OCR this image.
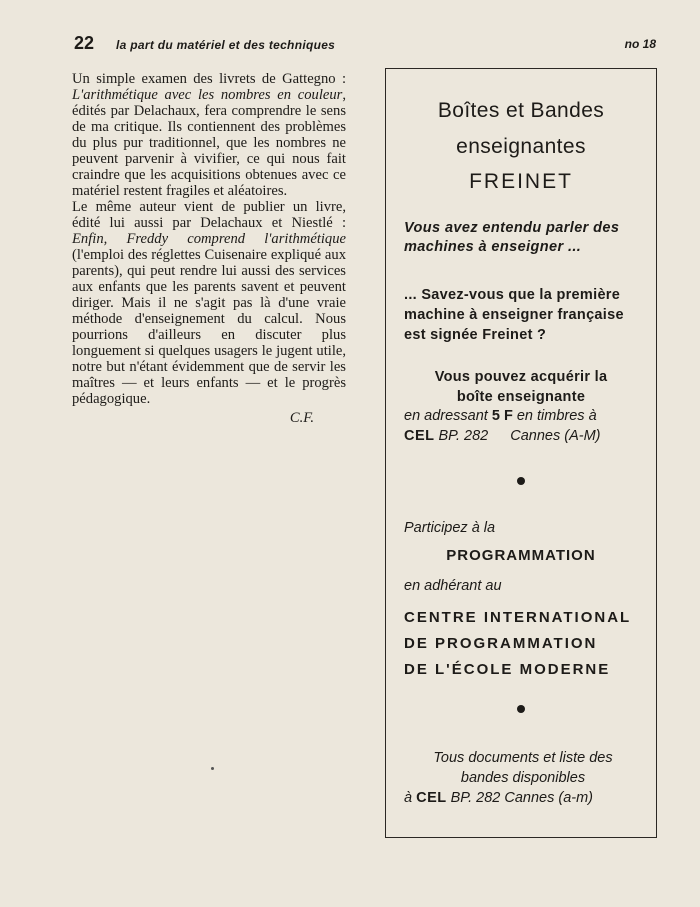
22 la part du matériel et des techniques	no 18

Un simple examen des livrets de Gattegno : L'arithmétique avec les nombres en couleur, édités par Delachaux, fera comprendre le sens de ma critique. Ils contiennent des problèmes du plus pur traditionnel, que les nombres ne peuvent parvenir à vivifier, ce qui nous fait craindre que les acquisitions obtenues avec ce matériel restent fragiles et aléatoires.

Le même auteur vient de publier un livre, édité lui aussi par Delachaux et Niestlé : Enfin, Freddy comprend l'arithmétique (l'emploi des réglettes Cuisenaire expliqué aux parents), qui peut rendre lui aussi des services aux enfants que les parents savent et peuvent diriger. Mais il ne s'agit pas là d'une vraie méthode d'enseignement du calcul. Nous pourrions d'ailleurs en discuter plus longuement si quelques usagers le jugent utile, notre but n'étant évidemment que de servir les maîtres — et leurs enfants — et le progrès pédagogique.

C.F.

Boîtes et Bandes
enseignantes
FREINET
Vous avez entendu parler des machines à enseigner ...
... Savez-vous que la première machine à enseigner française est signée Freinet ?
Vous pouvez acquérir la
boîte enseignante
en adressant 5 F en timbres à
CEL BP. 282 Cannes (A-M)
Participez à la
PROGRAMMATION
en adhérant au
CENTRE INTERNATIONAL
DE PROGRAMMATION
DE L'ÉCOLE MODERNE
Tous documents et liste des
bandes disponibles
à CEL BP. 282 Cannes (a-m)
